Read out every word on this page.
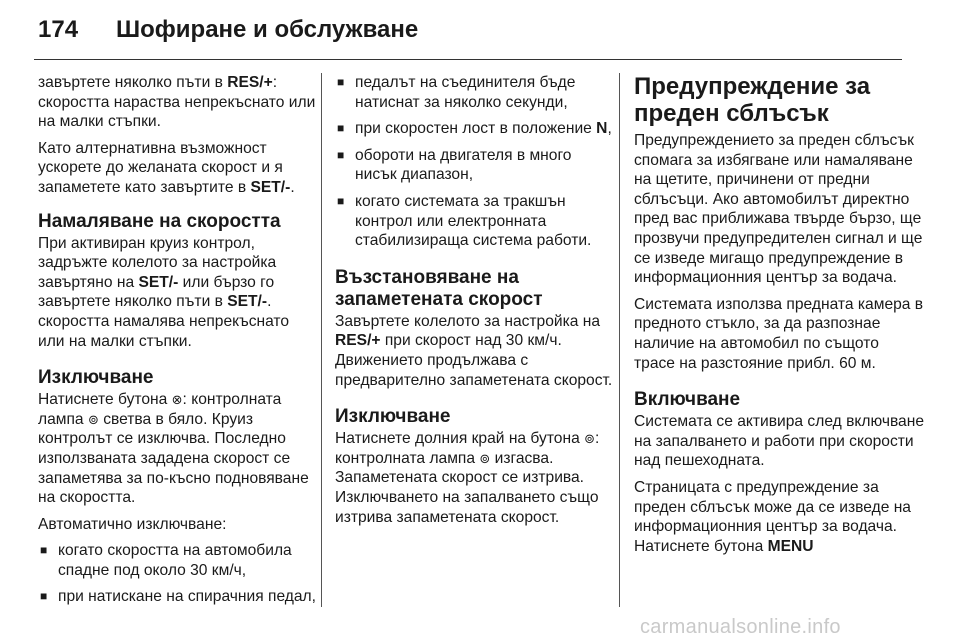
174 Шофиране и обслужване

завъртете няколко пъти в RES/+: скоростта нараства непрекъснато или на малки стъпки.

Като алтернативна възможност ускорете до желаната скорост и я запаметете като завъртите в SET/-.

Намаляване на скоростта

При активиран круиз контрол, задръжте колелото за настройка завъртяно на SET/- или бързо го завъртете няколко пъти в SET/-. скоростта намалява непрекъснато или на малки стъпки.

Изключване

Натиснете бутона ⊗: контролната лампа ⊚ светва в бяло. Круиз контролът се изключва. Последно използваната зададена скорост се запаметява за по-късно подновяване на скоростта.

Автоматично изключване:

■ когато скоростта на автомобила спадне под около 30 км/ч,
■ при натискане на спирачния педал,
■ педалът на съединителя бъде натиснат за няколко секунди,
■ при скоростен лост в положение N,
■ обороти на двигателя в много нисък диапазон,
■ когато системата за тракшън контрол или електронната стабилизираща система работи.
Възстановяване на запаметената скорост

Завъртете колелото за настройка на RES/+ при скорост над 30 км/ч. Движението продължава с предварително запаметената скорост.

Изключване

Натиснете долния край на бутона ⊚: контролната лампа ⊚ изгасва. Запаметената скорост се изтрива. Изключването на запалването също изтрива запаметената скорост.

Предупреждение за преден сблъсък

Предупреждението за преден сблъсък спомага за избягване или намаляване на щетите, причинени от предни сблъсъци. Ако автомобилът директно пред вас приближава твърде бързо, ще прозвучи предупредителен сигнал и ще се изведе мигащо предупреждение в информационния център за водача.

Системата използва предната камера в предното стъкло, за да разпознае наличие на автомобил по същото трасе на разстояние прибл. 60 м.

Включване

Системата се активира след включване на запалването и работи при скорости над пешеходната.

Страницата с предупреждение за преден сблъсък може да се изведе на информационния център за водача. Натиснете бутона MENU

carmanualsonline.info
